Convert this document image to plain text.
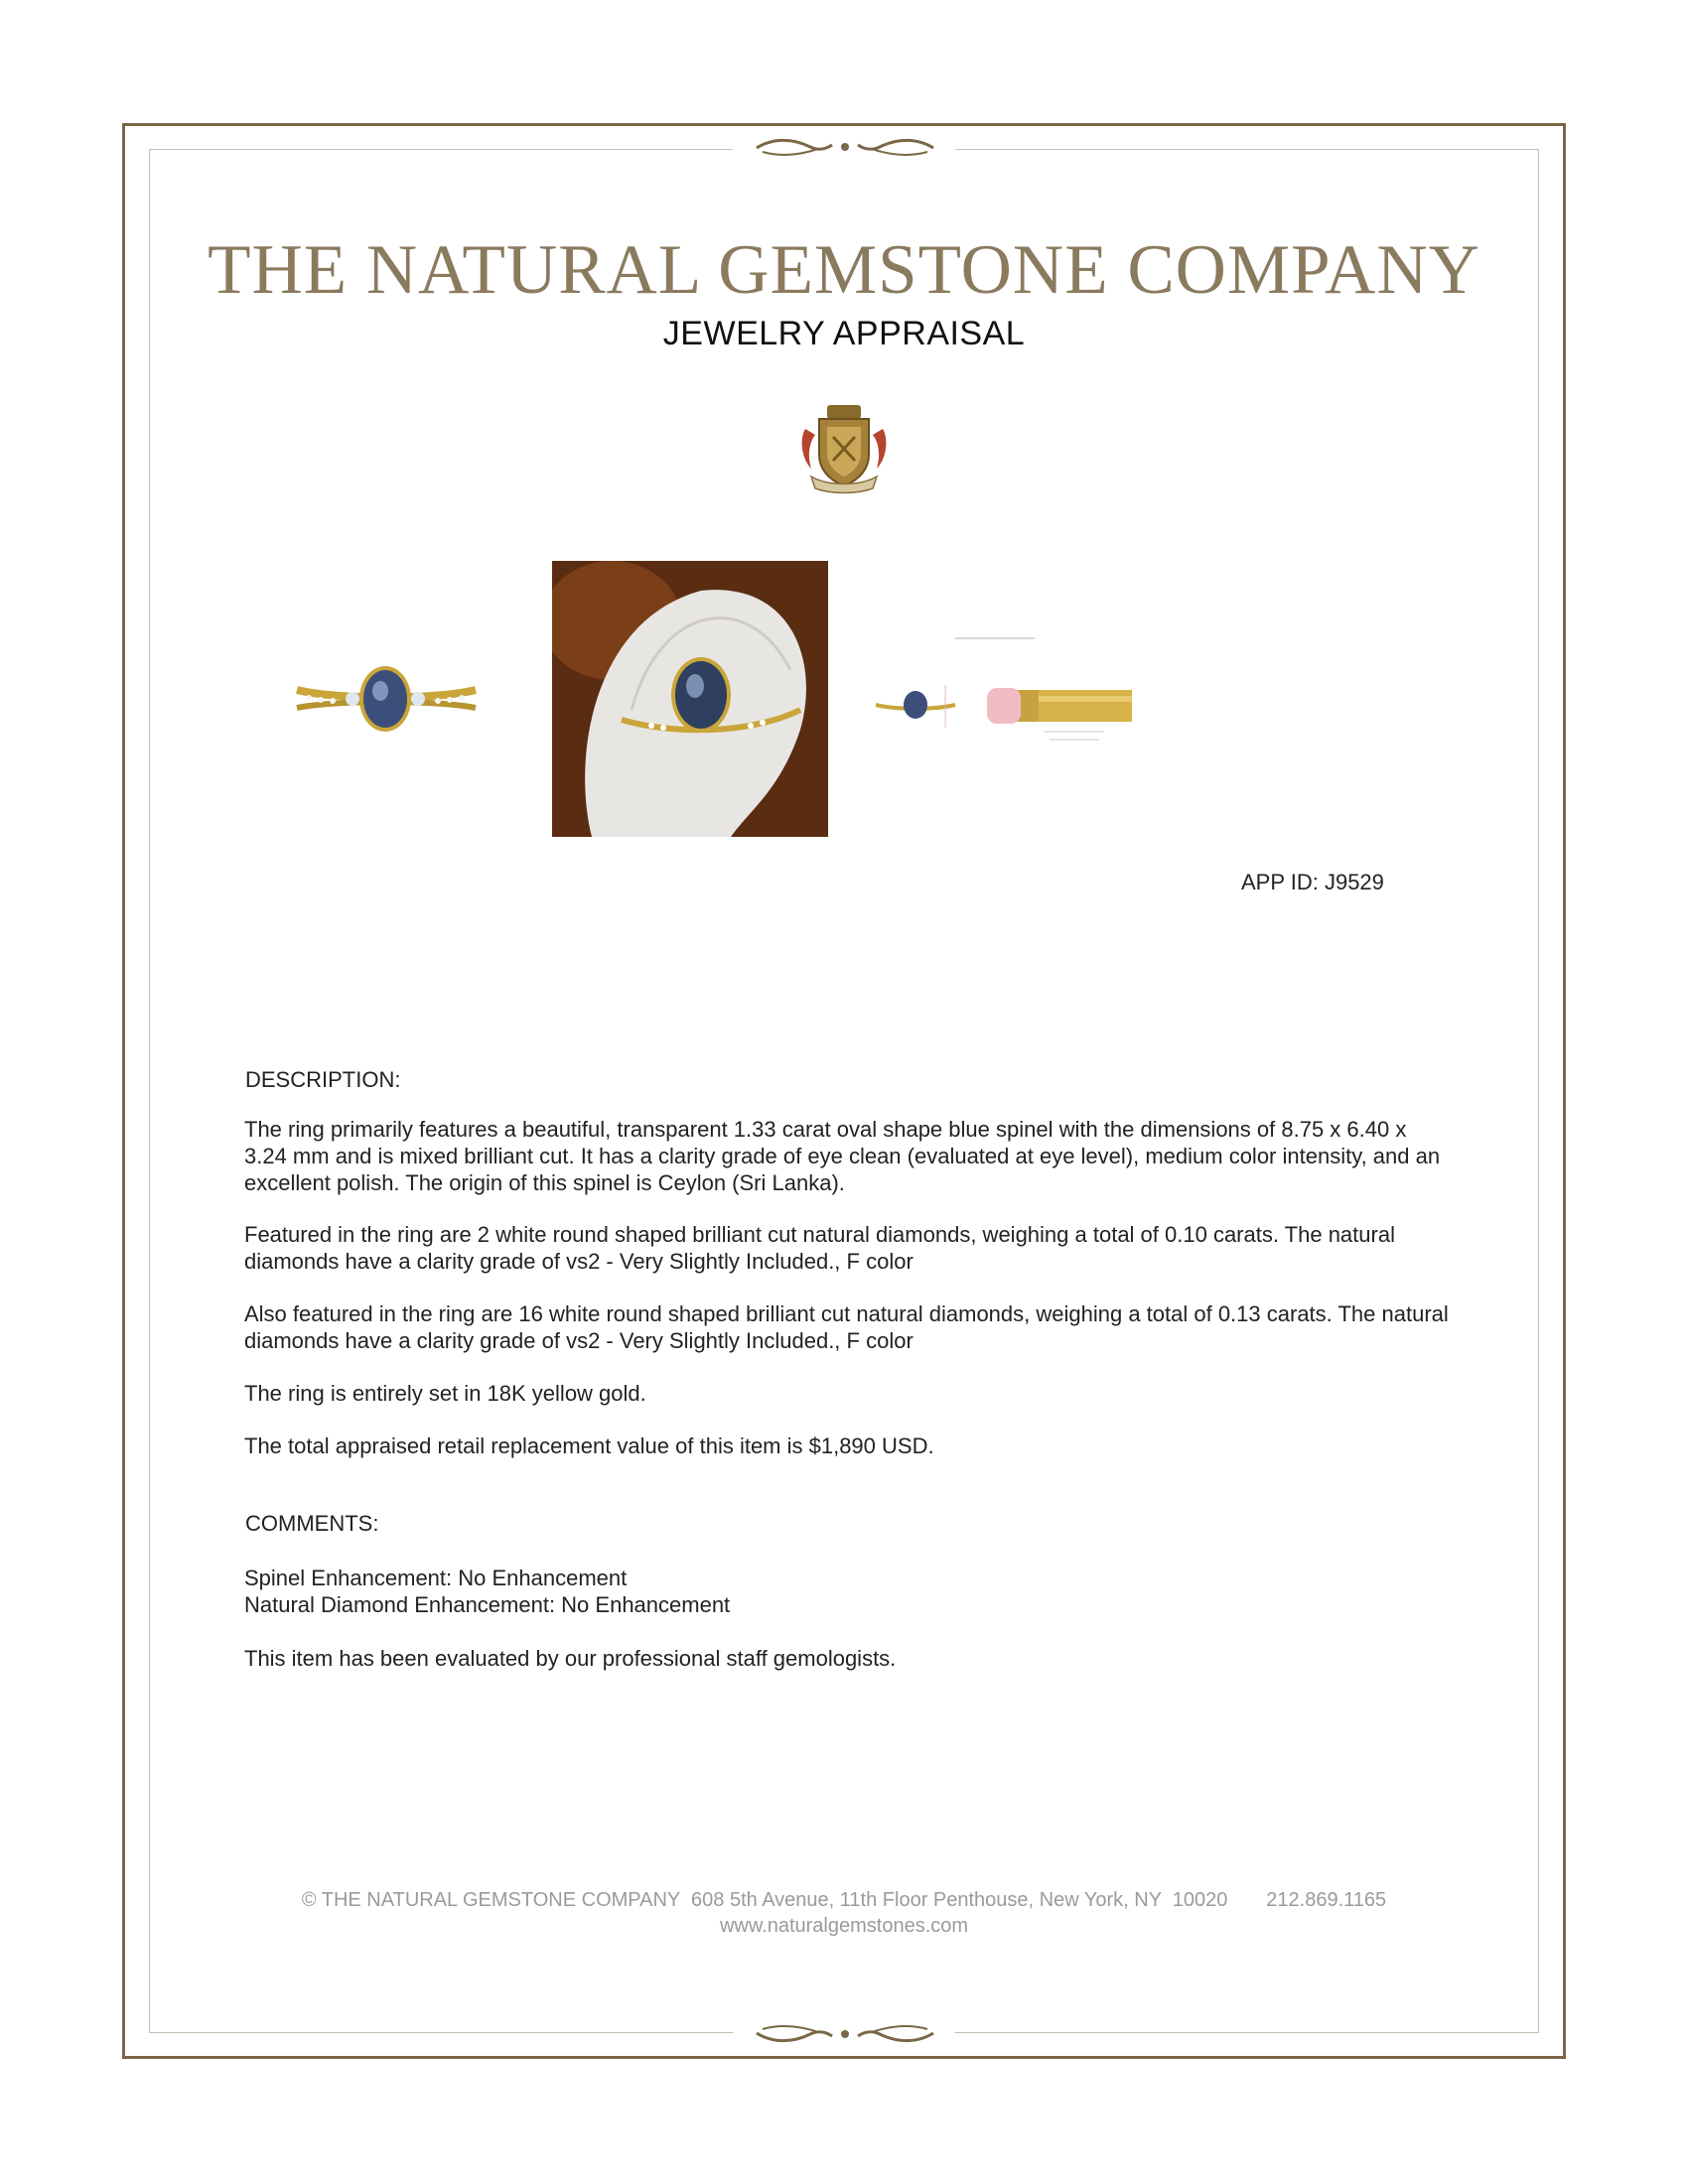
THE NATURAL GEMSTONE COMPANY
JEWELRY APPRAISAL
APP ID: J9529
DESCRIPTION:
The ring primarily features a beautiful, transparent 1.33 carat oval shape blue spinel with the dimensions of 8.75 x 6.40 x 3.24 mm and is mixed brilliant cut. It has a clarity grade of eye clean (evaluated at eye level), medium color intensity, and an excellent polish. The origin of this spinel is Ceylon (Sri Lanka).
Featured in the ring are 2 white round shaped brilliant cut natural diamonds, weighing a total of 0.10 carats. The natural diamonds have a clarity grade of vs2 - Very Slightly Included., F color
Also featured in the ring are 16 white round shaped brilliant cut natural diamonds, weighing a total of 0.13 carats. The natural diamonds have a clarity grade of vs2 - Very Slightly Included., F color
The ring is entirely set in 18K yellow gold.
The total appraised retail replacement value of this item is $1,890 USD.
COMMENTS:
Spinel Enhancement: No Enhancement
Natural Diamond Enhancement: No Enhancement
This item has been evaluated by our professional staff gemologists.
© THE NATURAL GEMSTONE COMPANY  608 5th Avenue, 11th Floor Penthouse, New York, NY  10020       212.869.1165
www.naturalgemstones.com
